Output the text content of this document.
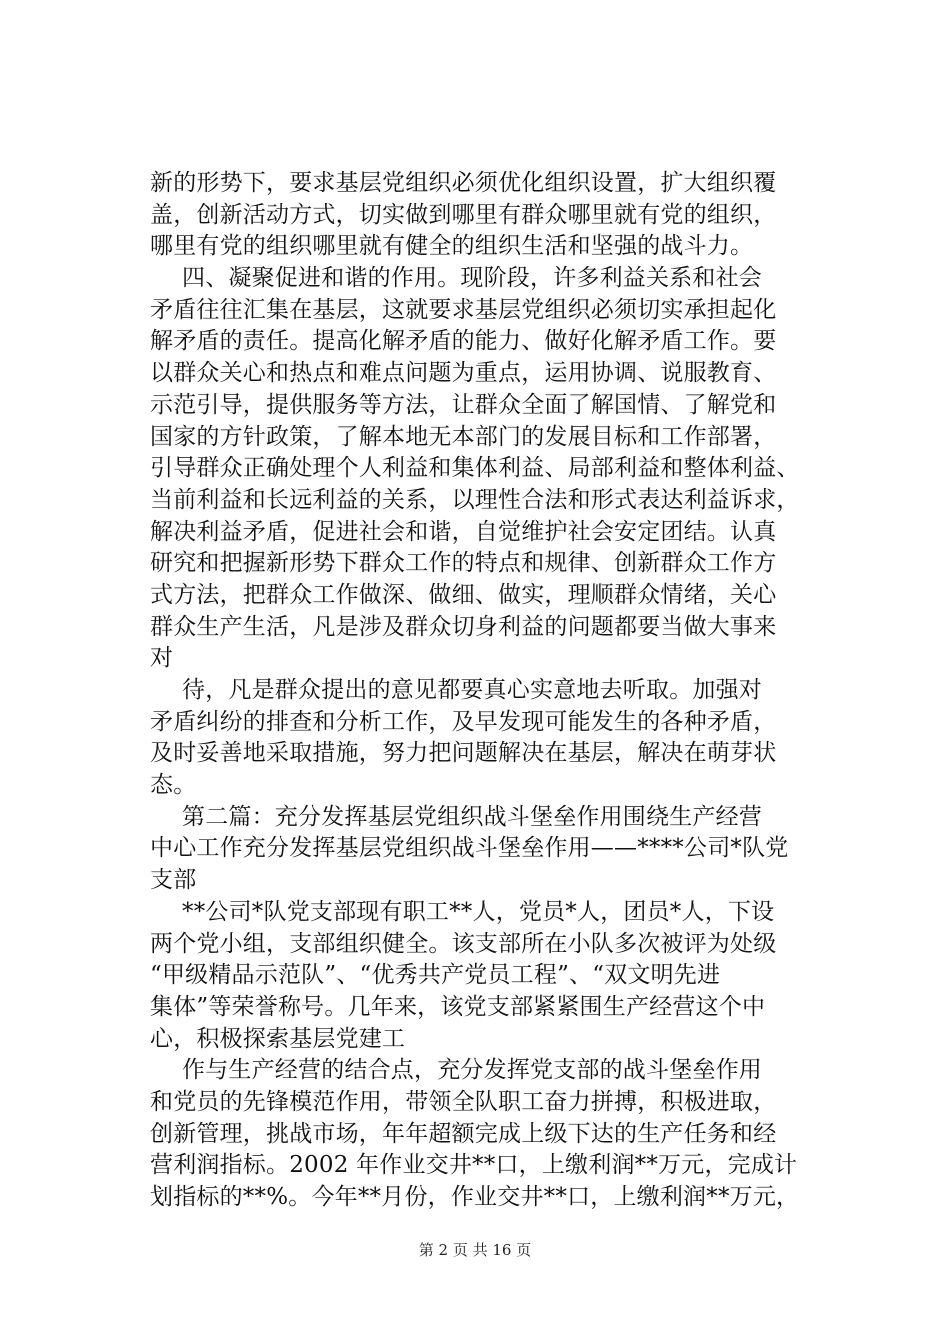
新的形势下，要求基层党组织必须优化组织设置，扩大组织覆
盖，创新活动方式，切实做到哪里有群众哪里就有党的组织，
哪里有党的组织哪里就有健全的组织生活和坚强的战斗力。
四、凝聚促进和谐的作用。现阶段，许多利益关系和社会
矛盾往往汇集在基层，这就要求基层党组织必须切实承担起化
解矛盾的责任。提高化解矛盾的能力、做好化解矛盾工作。要
以群众关心和热点和难点问题为重点，运用协调、说服教育、
示范引导，提供服务等方法，让群众全面了解国情、了解党和
国家的方针政策，了解本地无本部门的发展目标和工作部署，
引导群众正确处理个人利益和集体利益、局部利益和整体利益、
当前利益和长远利益的关系，以理性合法和形式表达利益诉求，
解决利益矛盾，促进社会和谐，自觉维护社会安定团结。认真
研究和把握新形势下群众工作的特点和规律、创新群众工作方
式方法，把群众工作做深、做细、做实，理顺群众情绪，关心
群众生产生活，凡是涉及群众切身利益的问题都要当做大事来
对
待，凡是群众提出的意见都要真心实意地去听取。加强对
矛盾纠纷的排查和分析工作，及早发现可能发生的各种矛盾，
及时妥善地采取措施，努力把问题解决在基层，解决在萌芽状
态。
第二篇：充分发挥基层党组织战斗堡垒作用围绕生产经营
中心工作充分发挥基层党组织战斗堡垒作用——****公司*队党
支部
**公司*队党支部现有职工**人，党员*人，团员*人，下设
两个党小组，支部组织健全。该支部所在小队多次被评为处级
“甲级精品示范队”、“优秀共产党员工程”、“双文明先进
集体”等荣誉称号。几年来，该党支部紧紧围生产经营这个中
心，积极探索基层党建工
作与生产经营的结合点，充分发挥党支部的战斗堡垒作用
和党员的先锋模范作用，带领全队职工奋力拼搏，积极进取，
创新管理，挑战市场，年年超额完成上级下达的生产任务和经
营利润指标。2002 年作业交井**口，上缴利润**万元，完成计
划指标的**%。今年**月份，作业交井**口，上缴利润**万元，
第 2 页 共 16 页
